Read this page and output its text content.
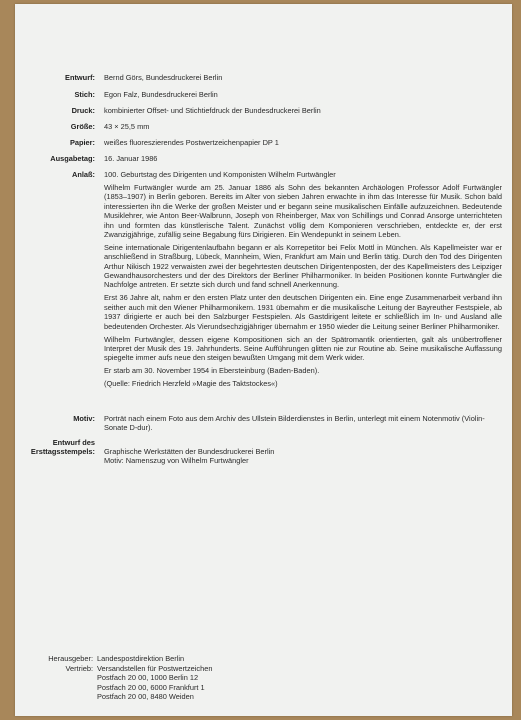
Entwurf: Bernd Görs, Bundesdruckerei Berlin
Stich: Egon Falz, Bundesdruckerei Berlin
Druck: kombinierter Offset- und Stichtiefdruck der Bundesdruckerei Berlin
Größe: 43 × 25,5 mm
Papier: weißes fluoreszierendes Postwertzeichenpapier DP 1
Ausgabetag: 16. Januar 1986
Anlaß: 100. Geburtstag des Dirigenten und Komponisten Wilhelm Furtwängler

Wilhelm Furtwängler wurde am 25. Januar 1886 als Sohn des bekannten Archäologen Professor Adolf Furtwängler (1853–1907) in Berlin geboren. Bereits im Alter von sieben Jahren erwachte in ihm das Interesse für Musik. Schon bald interessierten ihn die Werke der großen Meister und er begann seine musikalischen Einfälle aufzuzeichnen. Bedeutende Musiklehrer, wie Anton Beer-Walbrunn, Joseph von Rheinberger, Max von Schillings und Conrad Ansorge unterrichteten ihn und formten das künstlerische Talent. Zunächst völlig dem Komponieren verschrieben, entdeckte er, der erst Zwanzigjährige, zufällig seine Begabung fürs Dirigieren. Ein Wendepunkt in seinem Leben.

Seine internationale Dirigentenlaufbahn begann er als Korrepetitor bei Felix Mottl in München. Als Kapellmeister war er anschließend in Straßburg, Lübeck, Mannheim, Wien, Frankfurt am Main und Berlin tätig. Durch den Tod des Dirigenten Arthur Nikisch 1922 verwaisten zwei der begehrtesten deutschen Dirigentenposten, der des Kapellmeisters des Leipziger Gewandhausorchesters und der des Direktors der Berliner Philharmoniker. In beiden Positionen konnte Furtwängler die Nachfolge antreten. Er setzte sich durch und fand schnell Anerkennung.

Erst 36 Jahre alt, nahm er den ersten Platz unter den deutschen Dirigenten ein. Eine enge Zusammenarbeit verband ihn seither auch mit den Wiener Philharmonikern. 1931 übernahm er die musikalische Leitung der Bayreuther Festspiele, ab 1937 dirigierte er auch bei den Salzburger Festspielen. Als Gastdirigent leitete er schließlich im In- und Ausland alle bedeutenden Orchester. Als Vierundsechzigjähriger übernahm er 1950 wieder die Leitung seiner Berliner Philharmoniker.

Wilhelm Furtwängler, dessen eigene Kompositionen sich an der Spätromantik orientierten, galt als unübertroffener Interpret der Musik des 19. Jahrhunderts. Seine Aufführungen glitten nie zur Routine ab. Seine musikalische Auffassung spiegelte immer aufs neue den steigen bewußten Umgang mit dem Werk wider.

Er starb am 30. November 1954 in Ebersteinburg (Baden-Baden).

(Quelle: Friedrich Herzfeld »Magie des Taktstockes«)

Motiv: Porträt nach einem Foto aus dem Archiv des Ullstein Bilderdienstes in Berlin, unterlegt mit einem Notenmotiv (Violin-Sonate D-dur).
Entwurf des
Ersttagsstempels: Graphische Werkstätten der Bundesdruckerei Berlin
Motiv: Namenszug von Wilhelm Furtwängler
Herausgeber: Landespostdirektion Berlin
Vertrieb: Versandstellen für Postwertzeichen
Postfach 20 00, 1000 Berlin 12
Postfach 20 00, 6000 Frankfurt 1
Postfach 20 00, 8480 Weiden
